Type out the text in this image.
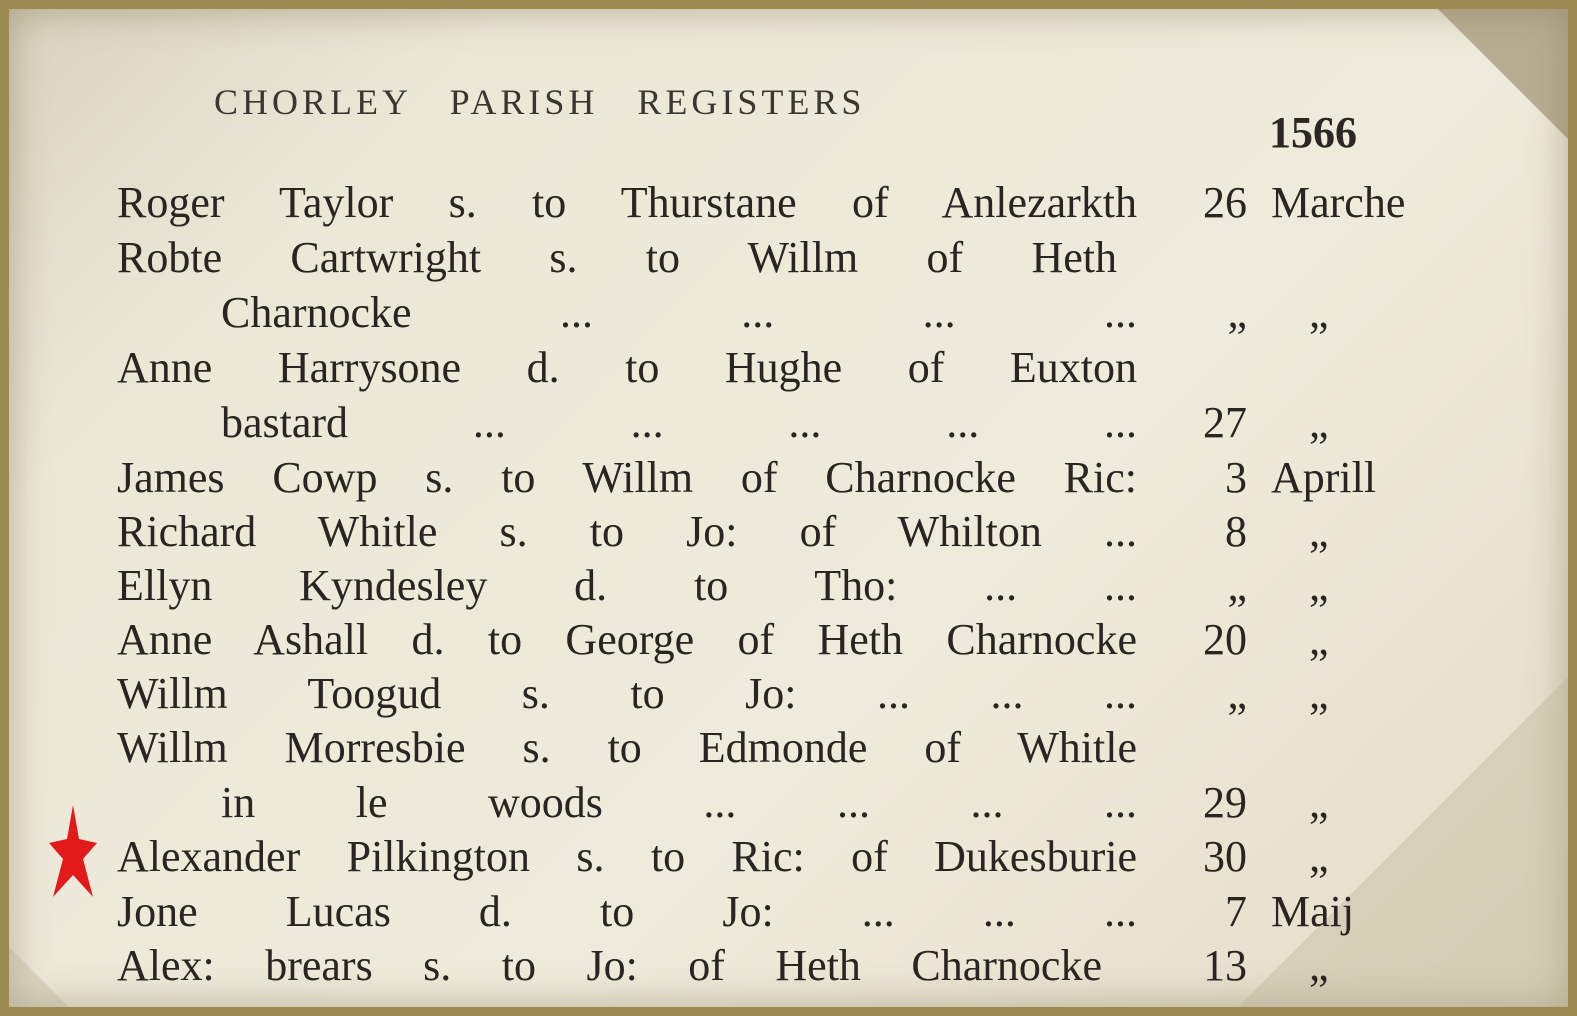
CHORLEY PARISH REGISTERS
1566
Roger Taylor s. to Thurstane of Anlezarkth	26 Marche
Robte Cartwright s. to Willm of Heth
Charnocke ... ... ... ...	„ „
Anne Harrysone d. to Hughe of Euxton
bastard ... ... ... ... ...	27 „
James Cowp s. to Willm of Charnocke Ric:	3 Aprill
Richard Whitle s. to Jo: of Whilton ...	8 „
Ellyn Kyndesley d. to Tho: ... ...	„ „
Anne Ashall d. to George of Heth Charnocke	20 „
Willm Toogud s. to Jo: ... ... ...	„ „
Willm Morresbie s. to Edmonde of Whitle
in le woods ... ... ... ...	29 „
Alexander Pilkington s. to Ric: of Dukesburie	30 „
Jone Lucas d. to Jo: ... ... ...	7 Maij
Alex: brears s. to Jo: of Heth Charnocke	13 „
